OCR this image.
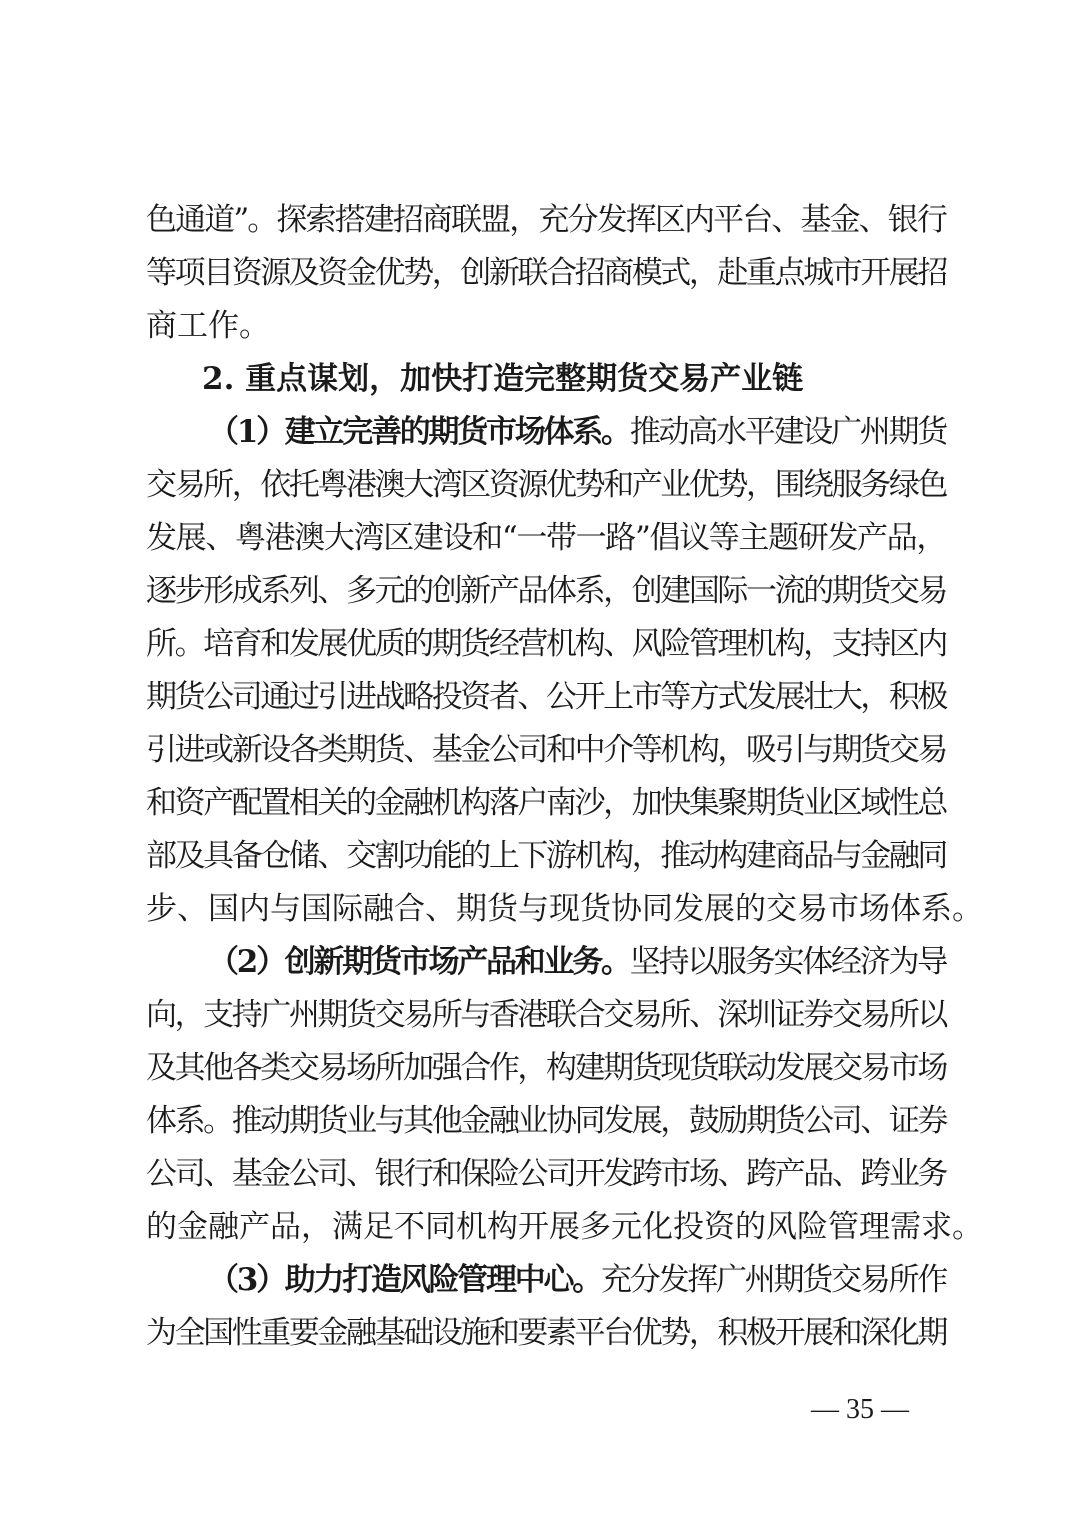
色通道”。探索搭建招商联盟，充分发挥区内平台、基金、银行
等项目资源及资金优势，创新联合招商模式，赴重点城市开展招
商工作。
2. 重点谋划，加快打造完整期货交易产业链
（1）建立完善的期货市场体系。推动高水平建设广州期货
交易所，依托粤港澳大湾区资源优势和产业优势，围绕服务绿色
发展、粤港澳大湾区建设和“一带一路”倡议等主题研发产品，
逐步形成系列、多元的创新产品体系，创建国际一流的期货交易
所。培育和发展优质的期货经营机构、风险管理机构，支持区内
期货公司通过引进战略投资者、公开上市等方式发展壮大，积极
引进或新设各类期货、基金公司和中介等机构，吸引与期货交易
和资产配置相关的金融机构落户南沙，加快集聚期货业区域性总
部及具备仓储、交割功能的上下游机构，推动构建商品与金融同
步、国内与国际融合、期货与现货协同发展的交易市场体系。
（2）创新期货市场产品和业务。坚持以服务实体经济为导
向，支持广州期货交易所与香港联合交易所、深圳证券交易所以
及其他各类交易场所加强合作，构建期货现货联动发展交易市场
体系。推动期货业与其他金融业协同发展，鼓励期货公司、证券
公司、基金公司、银行和保险公司开发跨市场、跨产品、跨业务
的金融产品，满足不同机构开展多元化投资的风险管理需求。
（3）助力打造风险管理中心。充分发挥广州期货交易所作
为全国性重要金融基础设施和要素平台优势，积极开展和深化期
— 35 —
